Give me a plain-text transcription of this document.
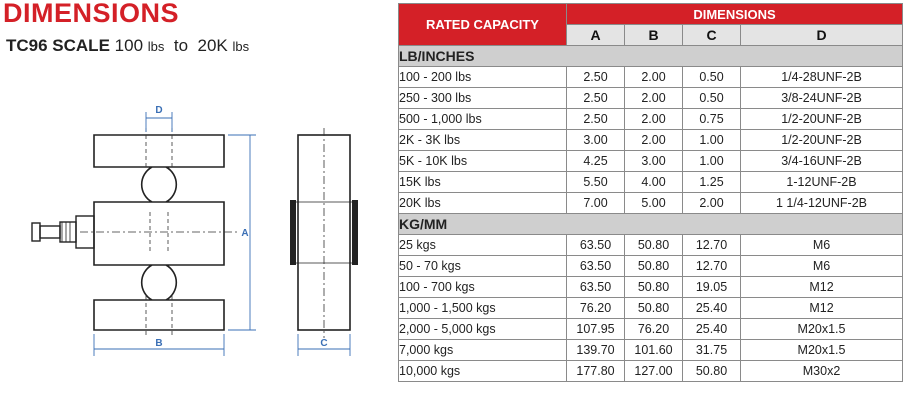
DIMENSIONS
TC96 SCALE 100 lbs to 20K lbs
D
A
B	C
RATED CAPACITY	DIMENSIONS			
	A	B	C	D
LB/INCHES				
100 - 200 lbs	2.50	2.00	0.50	1/4-28UNF-2B
250 - 300 lbs	2.50	2.00	0.50	3/8-24UNF-2B
500 - 1,000 lbs	2.50	2.00	0.75	1/2-20UNF-2B
2K - 3K lbs	3.00	2.00	1.00	1/2-20UNF-2B
5K - 10K lbs	4.25	3.00	1.00	3/4-16UNF-2B
15K lbs	5.50	4.00	1.25	1-12UNF-2B
20K lbs	7.00	5.00	2.00	1 1/4-12UNF-2B
KG/MM				
25 kgs	63.50	50.80	12.70	M6
50 - 70 kgs	63.50	50.80	12.70	M6
100 - 700 kgs	63.50	50.80	19.05	M12
1,000 - 1,500 kgs	76.20	50.80	25.40	M12
2,000 - 5,000 kgs	107.95	76.20	25.40	M20x1.5
7,000 kgs	139.70	101.60	31.75	M20x1.5
10,000 kgs	177.80	127.00	50.80	M30x2
